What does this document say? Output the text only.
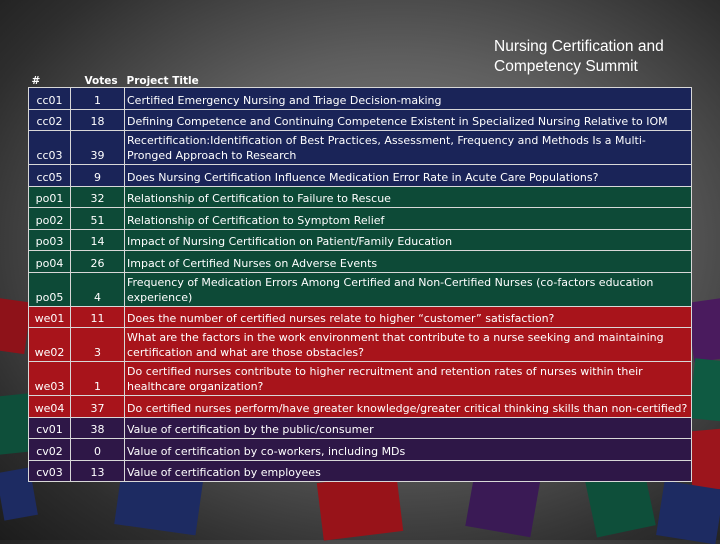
Nursing Certification and Competency Summit
#	Votes	Project Title
cc01	1	Certified Emergency Nursing and Triage Decision-making
cc02	18	Defining Competence and Continuing Competence Existent in Specialized Nursing Relative to IOM
cc03	39	Recertification:Identification of Best Practices, Assessment, Frequency and Methods Is a Multi-Pronged Approach to Research
cc05	9	Does Nursing Certification Influence Medication Error Rate in Acute Care Populations?
po01	32	Relationship of Certification to Failure to Rescue
po02	51	Relationship of Certification to Symptom Relief
po03	14	Impact of Nursing Certification on Patient/Family Education
po04	26	Impact of Certified Nurses on Adverse Events
po05	4	Frequency of Medication Errors Among Certified and Non-Certified Nurses (co-factors education experience)
we01	11	Does the number of certified nurses relate to higher “customer” satisfaction?
we02	3	What are the factors in the work environment that contribute to a nurse seeking and maintaining certification and what are those obstacles?
we03	1	Do certified nurses contribute to higher recruitment and retention rates of nurses within their healthcare organization?
we04	37	Do certified nurses perform/have greater knowledge/greater critical thinking skills than non-certified?
cv01	38	Value of certification by the public/consumer
cv02	0	Value of certification by co-workers, including MDs
cv03	13	Value of certification by employees
